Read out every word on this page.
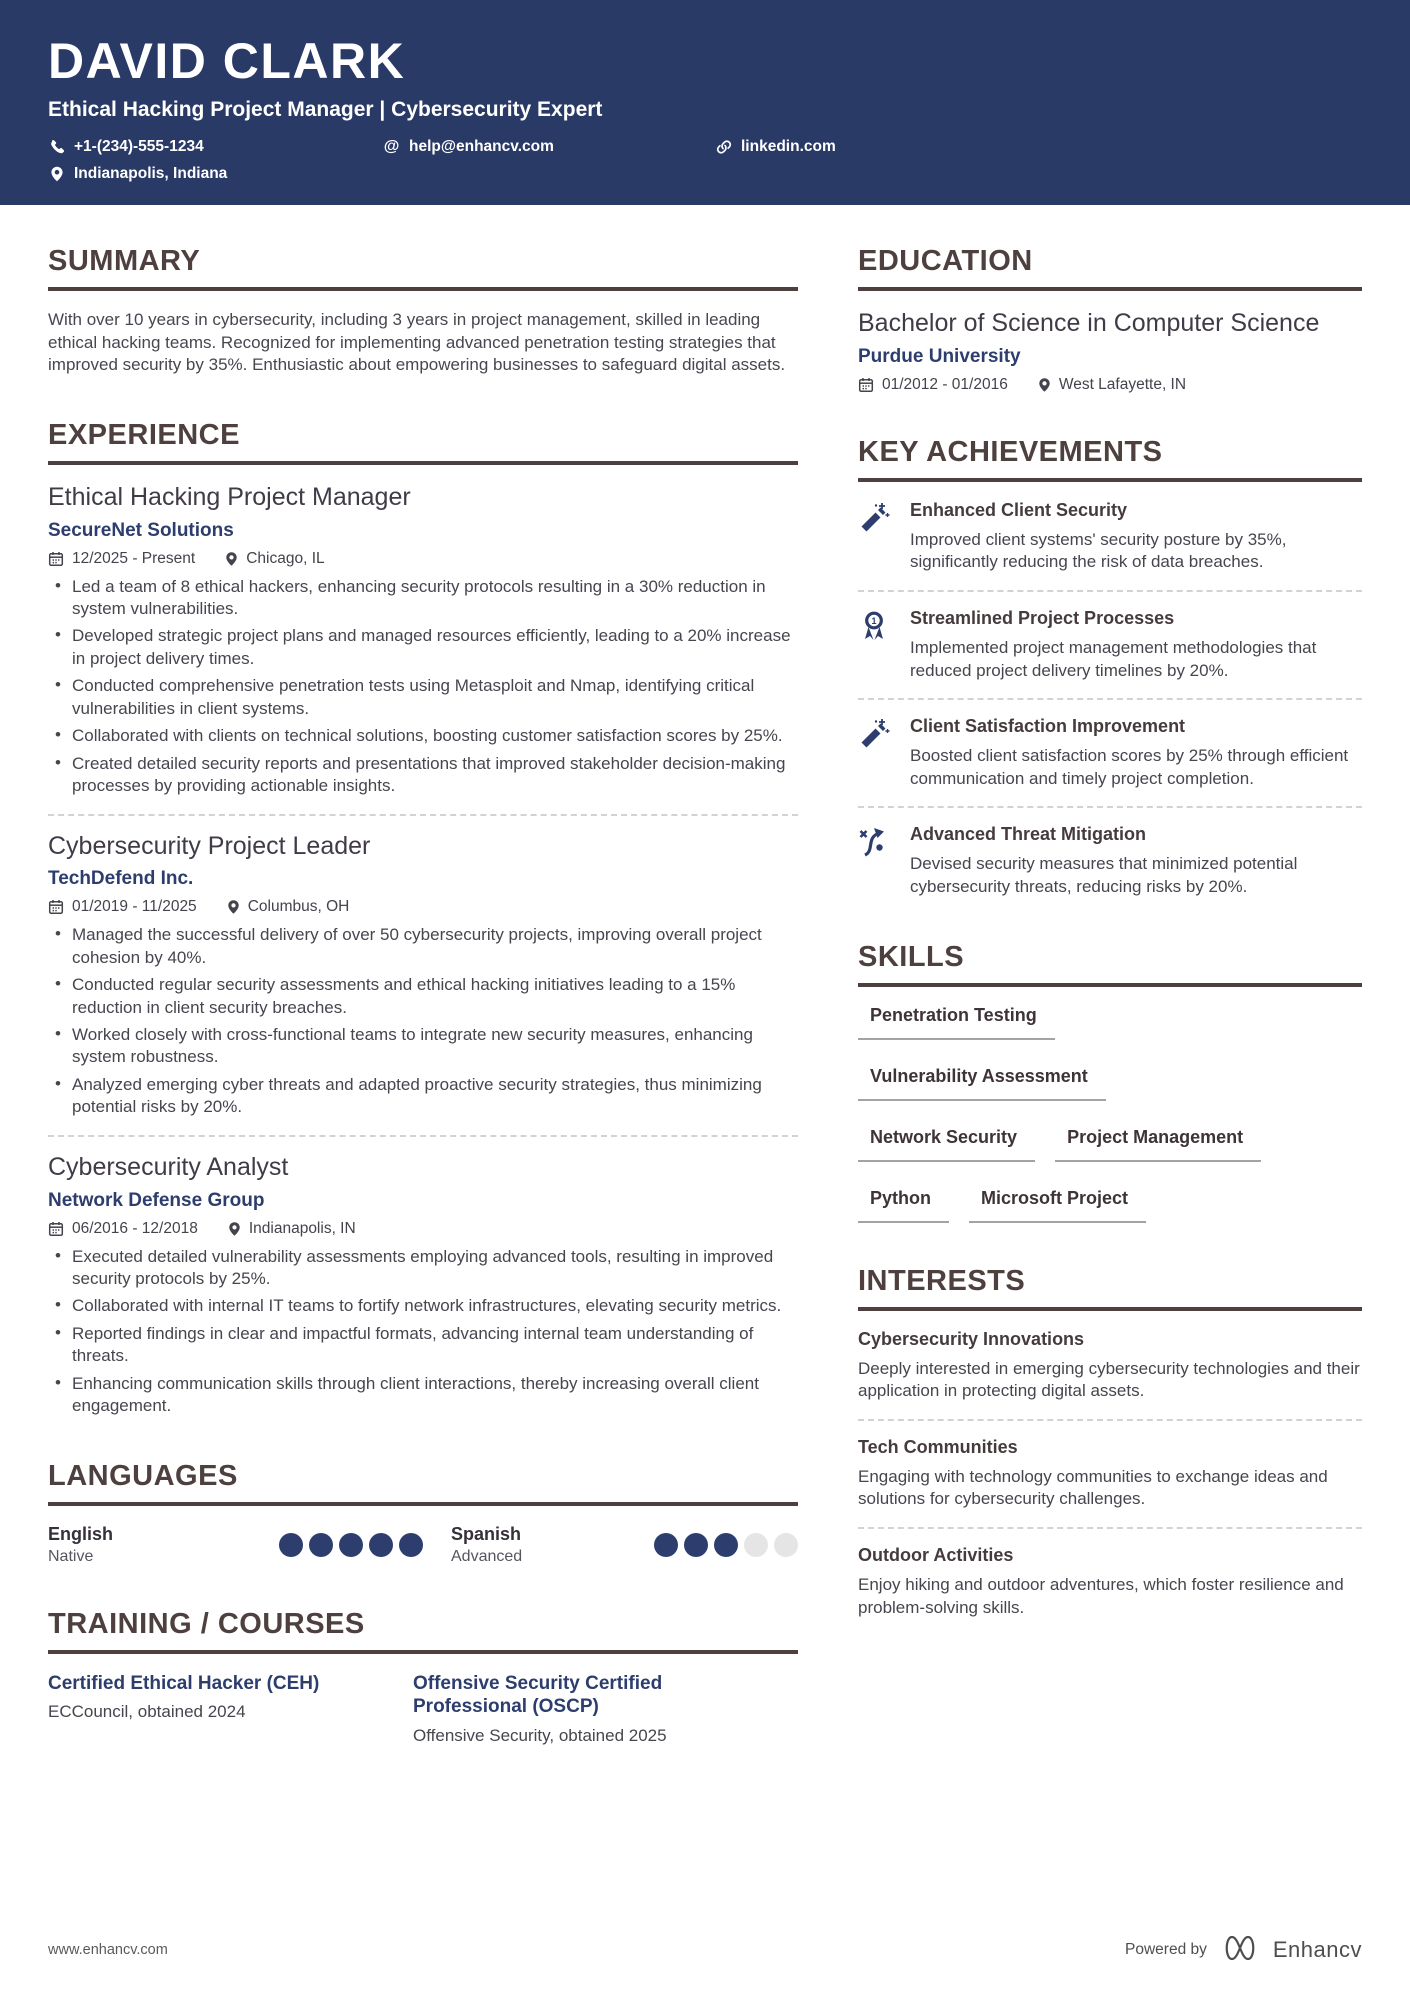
DAVID CLARK
Ethical Hacking Project Manager | Cybersecurity Expert
+1-(234)-555-1234	@ help@enhancv.com	linkedin.com
Indianapolis, Indiana
SUMMARY

With over 10 years in cybersecurity, including 3 years in project management, skilled in leading ethical hacking teams. Recognized for implementing advanced penetration testing strategies that improved security by 35%. Enthusiastic about empowering businesses to safeguard digital assets.

EXPERIENCE
Ethical Hacking Project Manager
SecureNet Solutions
12/2025 - Present	Chicago, IL
• Led a team of 8 ethical hackers, enhancing security protocols resulting in a 30% reduction in system vulnerabilities.
• Developed strategic project plans and managed resources efficiently, leading to a 20% increase in project delivery times.
• Conducted comprehensive penetration tests using Metasploit and Nmap, identifying critical vulnerabilities in client systems.
• Collaborated with clients on technical solutions, boosting customer satisfaction scores by 25%.
• Created detailed security reports and presentations that improved stakeholder decision-making processes by providing actionable insights.
Cybersecurity Project Leader
TechDefend Inc.
01/2019 - 11/2025	Columbus, OH
• Managed the successful delivery of over 50 cybersecurity projects, improving overall project cohesion by 40%.
• Conducted regular security assessments and ethical hacking initiatives leading to a 15% reduction in client security breaches.
• Worked closely with cross-functional teams to integrate new security measures, enhancing system robustness.
• Analyzed emerging cyber threats and adapted proactive security strategies, thus minimizing potential risks by 20%.
Cybersecurity Analyst
Network Defense Group
06/2016 - 12/2018	Indianapolis, IN
• Executed detailed vulnerability assessments employing advanced tools, resulting in improved security protocols by 25%.
• Collaborated with internal IT teams to fortify network infrastructures, elevating security metrics.
• Reported findings in clear and impactful formats, advancing internal team understanding of threats.
• Enhancing communication skills through client interactions, thereby increasing overall client engagement.
LANGUAGES
English
Native
Spanish
Advanced
TRAINING / COURSES
Certified Ethical Hacker (CEH)
ECCouncil, obtained 2024
Offensive Security Certified Professional (OSCP)
Offensive Security, obtained 2025
EDUCATION
Bachelor of Science in Computer Science
Purdue University
01/2012 - 01/2016	West Lafayette, IN
KEY ACHIEVEMENTS
Enhanced Client Security
Improved client systems' security posture by 35%, significantly reducing the risk of data breaches.
1 Streamlined Project Processes
Implemented project management methodologies that reduced project delivery timelines by 20%.
Client Satisfaction Improvement
Boosted client satisfaction scores by 25% through efficient communication and timely project completion.
Advanced Threat Mitigation
Devised security measures that minimized potential cybersecurity threats, reducing risks by 20%.
SKILLS
Penetration Testing
Vulnerability Assessment
Network Security	Project Management
Python	Microsoft Project
INTERESTS
Cybersecurity Innovations
Deeply interested in emerging cybersecurity technologies and their application in protecting digital assets.
Tech Communities
Engaging with technology communities to exchange ideas and solutions for cybersecurity challenges.
Outdoor Activities
Enjoy hiking and outdoor adventures, which foster resilience and problem-solving skills.
www.enhancv.com	Powered by	Enhancv
